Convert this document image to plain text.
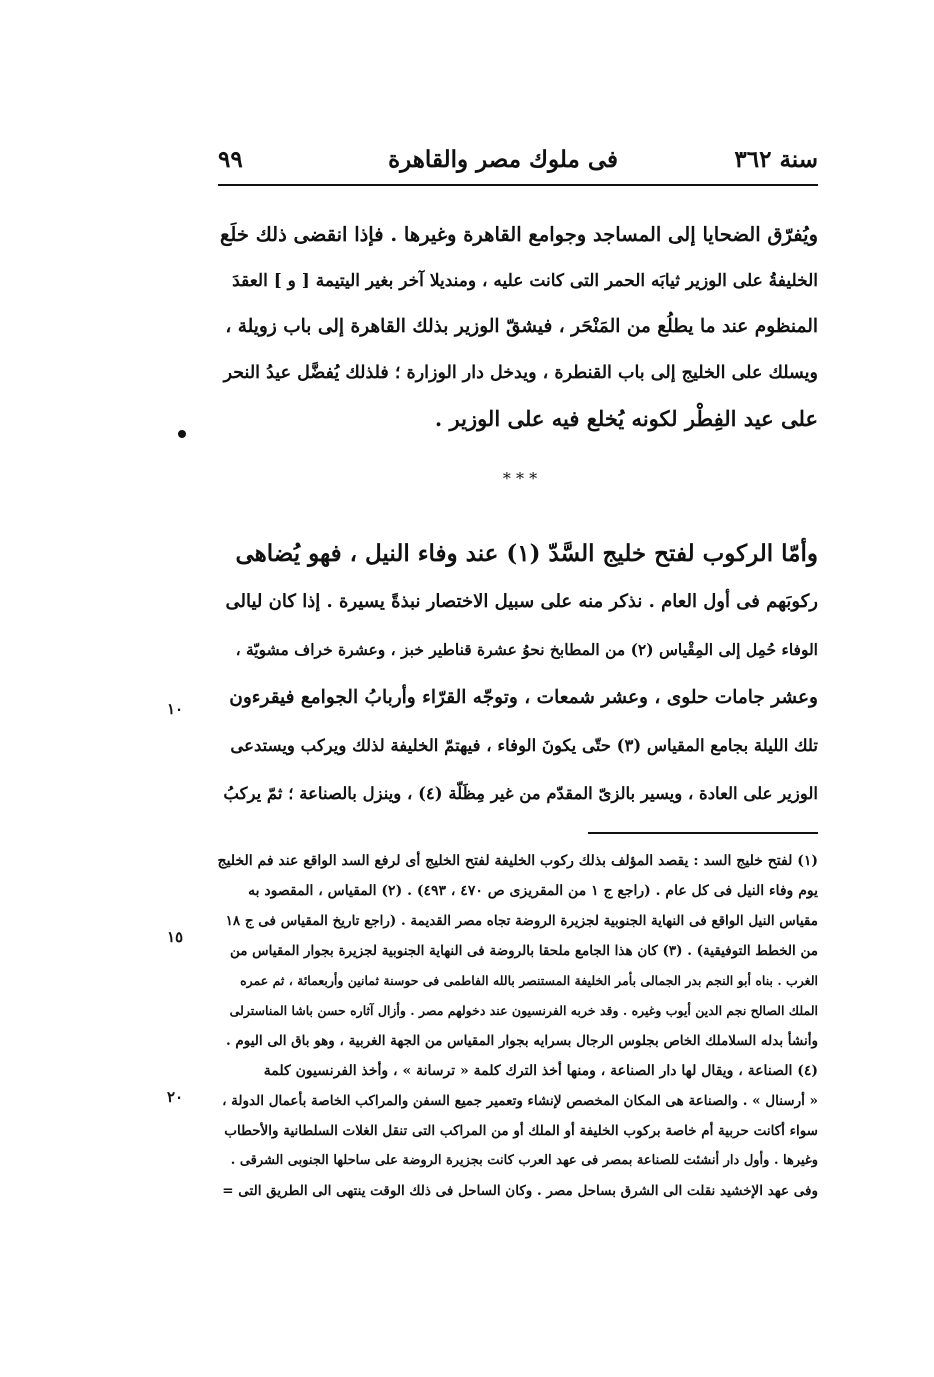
سنة ٣٦٢
فى ملوك مصر والقاهرة
٩٩
ويُفرّق الضحايا إلى المساجد وجوامع القاهرة وغيرها . فإذا انقضى ذلك خلَع
الخليفةُ على الوزير ثيابَه الحمر التى كانت عليه ، ومنديلا آخر بغير اليتيمة [ و ] العقدَ
المنظوم عند ما يطلُع من المَنْحَر ، فيشقّ الوزير بذلك القاهرة إلى باب زويلة ،
ويسلك على الخليج إلى باب القنطرة ، ويدخل دار الوزارة ؛ فلذلك يُفضَّل عيدُ النحر
على عيد الفِطْر لكونه يُخلع فيه على الوزير .
* * *
وأمّا الركوب لفتح خليج السَّدّ (١) عند وفاء النيل ، فهو يُضاهى
ركوبَهم فى أول العام . نذكر منه على سبيل الاختصار نبذةً يسيرة . إذا كان ليالى
الوفاء حُمِل إلى المِقْياس (٢) من المطابخ نحوُ عشرة قناطير خبز ، وعشرة خراف مشويّة ،
وعشر جامات حلوى ، وعشر شمعات ، وتوجّه القرّاء وأربابُ الجوامع فيقرءون
تلك الليلة بجامع المقياس (٣) حتّى يكونَ الوفاء ، فيهتمّ الخليفة لذلك ويركب ويستدعى
الوزير على العادة ، ويسير بالزىّ المقدّم من غير مِظَلّة (٤) ، وينزل بالصناعة ؛ ثمّ يركبُ
١٠
١٥
٢٠
(١) لفتح خليج السد : يقصد المؤلف بذلك ركوب الخليفة لفتح الخليج أى لرفع السد الواقع عند فم الخليج
يوم وفاء النيل فى كل عام . (راجع ج ١ من المقريزى ص ٤٧٠ ، ٤٩٣) . (٢) المقياس ، المقصود به
مقياس النيل الواقع فى النهاية الجنوبية لجزيرة الروضة تجاه مصر القديمة . (راجع تاريخ المقياس فى ج ١٨
من الخطط التوفيقية) . (٣) كان هذا الجامع ملحقا بالروضة فى النهاية الجنوبية لجزيرة بجوار المقياس من
الغرب . بناه أبو النجم بدر الجمالى بأمر الخليفة المستنصر بالله الفاطمى فى حوسنة ثمانين وأربعمائة ، ثم عمره
الملك الصالح نجم الدين أيوب وغيره . وقد خربه الفرنسيون عند دخولهم مصر . وأزال آثاره حسن باشا المناسترلى
وأنشأ بدله السلاملك الخاص بجلوس الرجال بسرايه بجوار المقياس من الجهة الغربية ، وهو باق الى اليوم .
(٤) الصناعة ، ويقال لها دار الصناعة ، ومنها أخذ الترك كلمة « ترسانة » ، وأخذ الفرنسيون كلمة
« أرسنال » . والصناعة هى المكان المخصص لإنشاء وتعمير جميع السفن والمراكب الخاصة بأعمال الدولة ،
سواء أكانت حربية أم خاصة بركوب الخليفة أو الملك أو من المراكب التى تنقل الغلات السلطانية والأحطاب
وغيرها . وأول دار أنشئت للصناعة بمصر فى عهد العرب كانت بجزيرة الروضة على ساحلها الجنوبى الشرقى .
وفى عهد الإخشيد نقلت الى الشرق بساحل مصر . وكان الساحل فى ذلك الوقت ينتهى الى الطريق التى =
